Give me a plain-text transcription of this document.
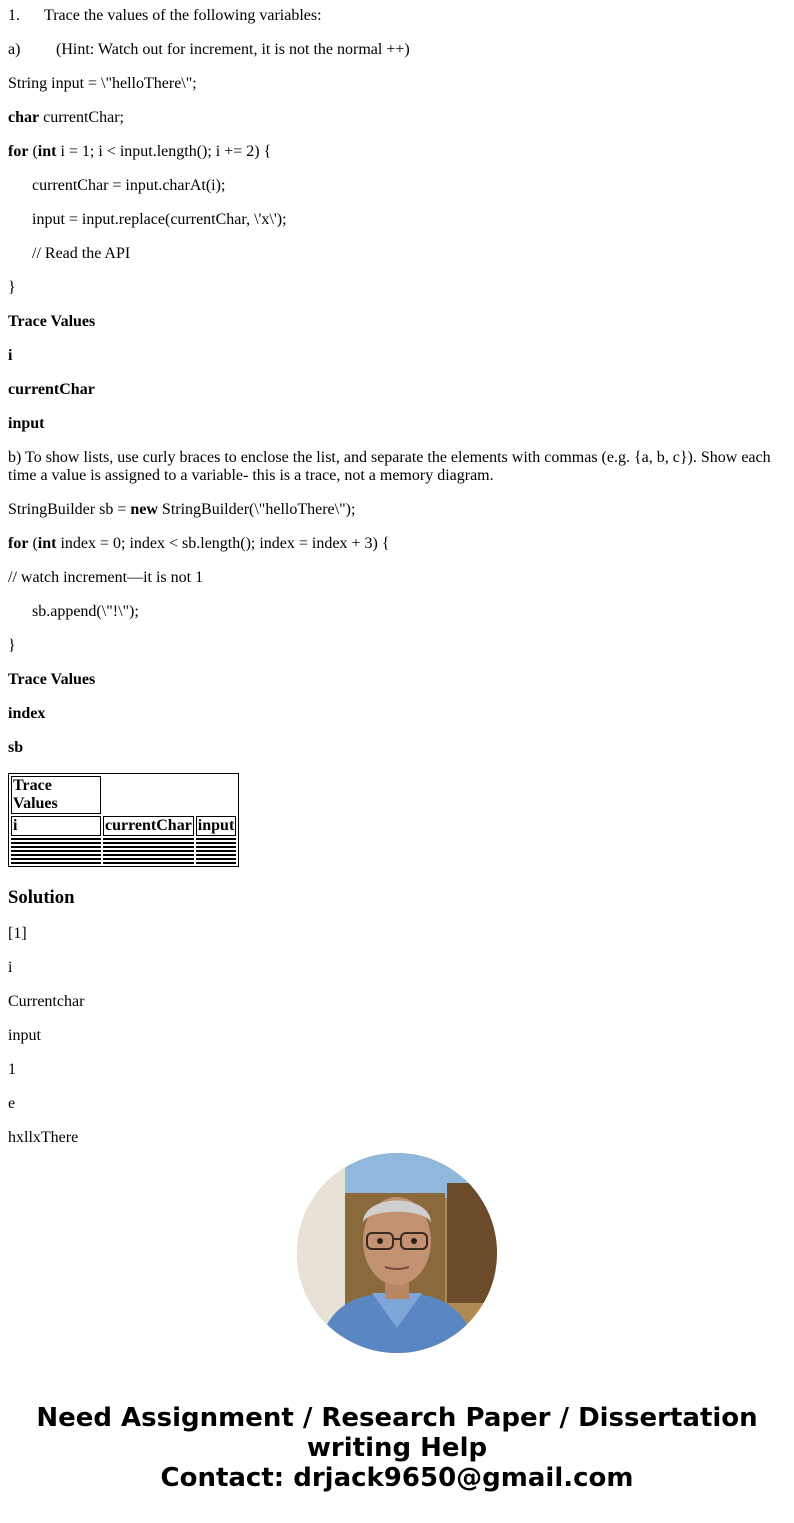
1. Trace the values of the following variables:

a) (Hint: Watch out for increment, it is not the normal ++)

String input = \"helloThere\";

char currentChar;

for (int i = 1; i < input.length(); i += 2) {

currentChar = input.charAt(i);

input = input.replace(currentChar, \'x\');

// Read the API

}

Trace Values

i

currentChar

input

b) To show lists, use curly braces to enclose the list, and separate the elements with commas (e.g. {a, b, c}). Show each time a value is assigned to a variable- this is a trace, not a memory diagram.

StringBuilder sb = new StringBuilder(\"helloThere\");

for (int index = 0; index < sb.length(); index = index + 3) {

// watch increment—it is not 1

sb.append(\"!\");

}

Trace Values

index

sb

Trace Values		
i	currentChar	input

Solution

[1]

i

Currentchar

input

1

e

hxllxThere

Need Assignment / Research Paper / Dissertation
writing Help
Contact: drjack9650@gmail.com
